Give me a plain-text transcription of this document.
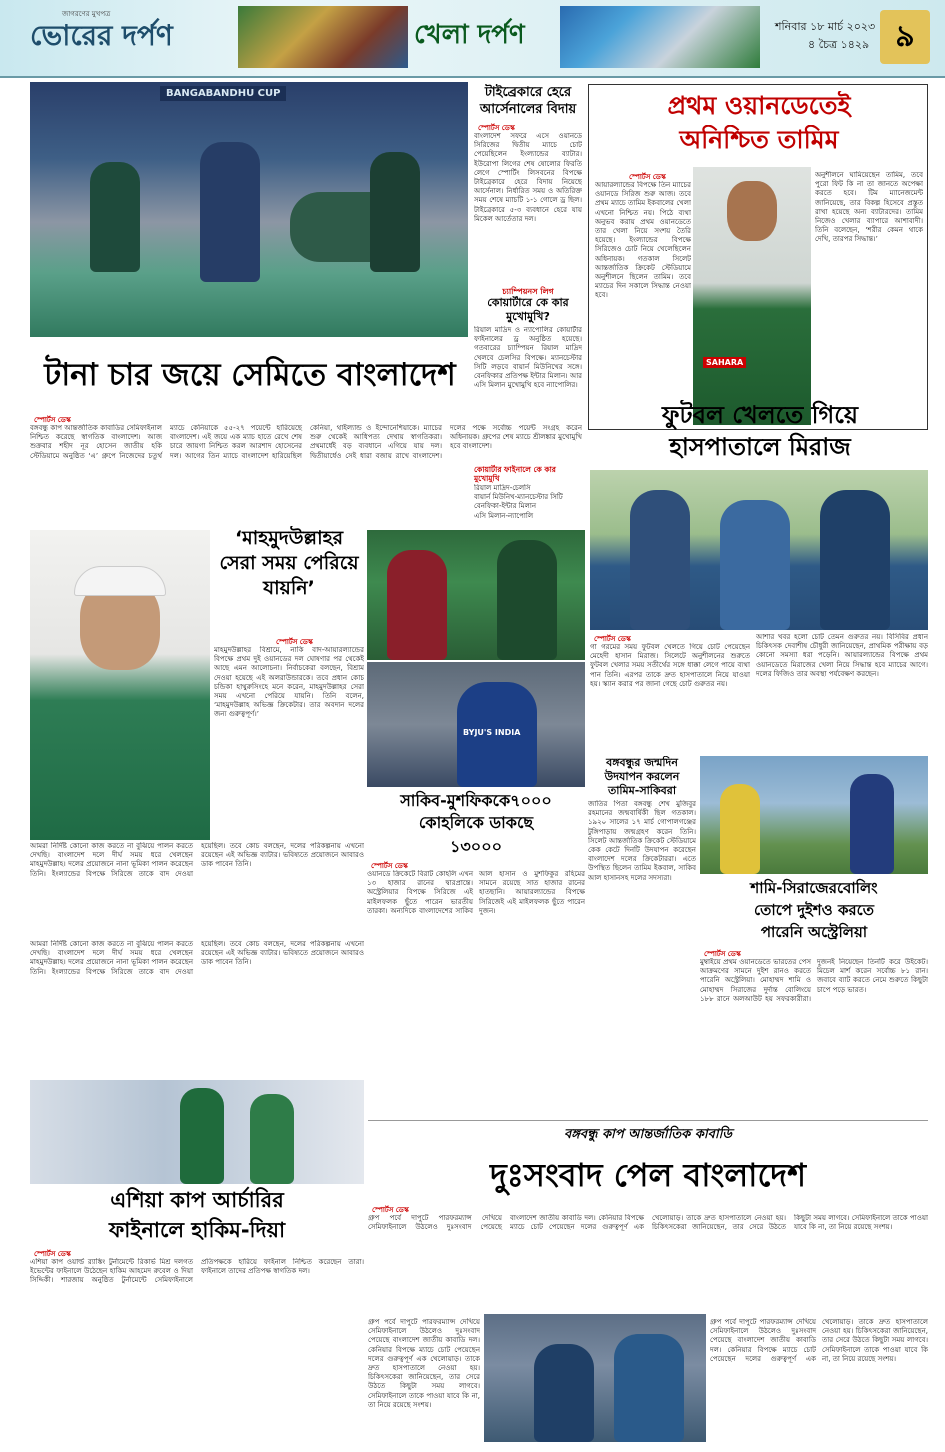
জাগরণের মুখপত্র
ভোরের দর্পণ	খেলা দর্পণ	শনিবার ১৮ মার্চ ২০২৩
৪ চৈত্র ১৪২৯ ৯
BANGABANDHU CUP	টাইব্রেকারে হেরে আর্সেনালের বিদায়
স্পোর্টস ডেস্ক
বাংলাদেশ সফরে এসে ওয়ানডে সিরিজের দ্বিতীয় ম্যাচে চোট পেয়েছিলেন ইংল্যান্ডের ব্যাটার। ইউরোপা লিগের শেষ ষোলোর ফিরতি লেগে স্পোর্টিং লিসবনের বিপক্ষে টাইব্রেকারে হেরে বিদায় নিয়েছে আর্সেনাল। নির্ধারিত সময় ও অতিরিক্ত সময় শেষে ম্যাচটি ১-১ গোলে ড্র ছিল। টাইব্রেকারে ৫-৩ ব্যবধানে হেরে যায় মিকেল আর্তেতার দল।
চ্যাম্পিয়নস লিগ
কোয়ার্টারে কে কার মুখোমুখি?
রিয়াল মাদ্রিদ ও ন্যাপোলির কোয়ার্টার ফাইনালের ড্র অনুষ্ঠিত হয়েছে। গতবারের চ্যাম্পিয়ন রিয়াল মাদ্রিদ খেলবে চেলসির বিপক্ষে। ম্যানচেস্টার সিটি লড়বে বায়ার্ন মিউনিখের সঙ্গে। বেনফিকার প্রতিপক্ষ ইন্টার মিলান। আর এসি মিলান মুখোমুখি হবে ন্যাপোলির।
কোয়ার্টার ফাইনালে কে কার মুখোমুখি
রিয়াল মাদ্রিদ-চেলসি
বায়ার্ন মিউনিখ-ম্যানচেস্টার সিটি
বেনফিকা-ইন্টার মিলান
এসি মিলান-ন্যাপোলি
প্রথম ওয়ানডেতেই
অনিশ্চিত তামিম
স্পোর্টস ডেস্ক
আয়ারল্যান্ডের বিপক্ষে তিন ম্যাচের ওয়ানডে সিরিজ শুরু আজ। তবে প্রথম ম্যাচে তামিম ইকবালের খেলা এখনো নিশ্চিত নয়। পিঠে ব্যথা অনুভব করায় প্রথম ওয়ানডেতে তার খেলা নিয়ে সংশয় তৈরি হয়েছে। ইংল্যান্ডের বিপক্ষে সিরিজেও চোট নিয়ে খেলেছিলেন অধিনায়ক। গতকাল সিলেট আন্তর্জাতিক ক্রিকেট স্টেডিয়ামে অনুশীলনে ছিলেন তামিম। তবে ম্যাচের দিন সকালে সিদ্ধান্ত নেওয়া হবে।
SAHARA
অনুশীলনে ঘামিয়েছেন তামিম, তবে পুরো ফিট কি না তা জানতে অপেক্ষা করতে হবে। টিম ম্যানেজমেন্ট জানিয়েছে, তার বিকল্প হিসেবে প্রস্তুত রাখা হয়েছে অন্য ব্যাটারদের। তামিম নিজেও খেলার ব্যাপারে আশাবাদী। তিনি বলেছেন, ‘শরীর কেমন থাকে দেখি, তারপর সিদ্ধান্ত।’
টানা চার জয়ে সেমিতে বাংলাদেশ
স্পোর্টস ডেস্ক
বঙ্গবন্ধু কাপ আন্তর্জাতিক কাবাডির সেমিফাইনাল নিশ্চিত করেছে স্বাগতিক বাংলাদেশ। আজ শুক্রবার শহীদ নূর হোসেন জাতীয় হকি স্টেডিয়ামে অনুষ্ঠিত ‘এ’ গ্রুপে নিজেদের চতুর্থ ম্যাচে কেনিয়াকে ৫৫-২৭ পয়েন্টে হারিয়েছে বাংলাদেশ। এই জয়ে এক ম্যাচ হাতে রেখে শেষ চারে জায়গা নিশ্চিত করল আরশাদ হোসেনের দল। আগের তিন ম্যাচে বাংলাদেশ হারিয়েছিল কেনিয়া, থাইল্যান্ড ও ইন্দোনেশিয়াকে। ম্যাচের শুরু থেকেই আধিপত্য দেখায় স্বাগতিকরা। প্রথমার্ধেই বড় ব্যবধানে এগিয়ে যায় দল। দ্বিতীয়ার্ধেও সেই ধারা বজায় রাখে বাংলাদেশ। দলের পক্ষে সর্বোচ্চ পয়েন্ট সংগ্রহ করেন অধিনায়ক। গ্রুপের শেষ ম্যাচে শ্রীলঙ্কার মুখোমুখি হবে বাংলাদেশ।
ফুটবল খেলতে গিয়ে
হাসপাতালে মিরাজ
স্পোর্টস ডেস্ক
গা গরমের সময় ফুটবল খেলতে গিয়ে চোট পেয়েছেন মেহেদী হাসান মিরাজ। সিলেটে অনুশীলনের শুরুতে ফুটবল খেলার সময় সতীর্থের সঙ্গে ধাক্কা লেগে পায়ে ব্যথা পান তিনি। এরপর তাকে দ্রুত হাসপাতালে নিয়ে যাওয়া হয়। স্ক্যান করার পর জানা গেছে চোট গুরুতর নয়।
আশার খবর হলো চোট তেমন গুরুতর নয়। বিসিবির প্রধান চিকিৎসক দেবাশীষ চৌধুরী জানিয়েছেন, প্রাথমিক পরীক্ষায় বড় কোনো সমস্যা ধরা পড়েনি। আয়ারল্যান্ডের বিপক্ষে প্রথম ওয়ানডেতে মিরাজের খেলা নিয়ে সিদ্ধান্ত হবে ম্যাচের আগে। দলের ফিজিও তার অবস্থা পর্যবেক্ষণ করছেন।
‘মাহমুদউল্লাহর সেরা সময় পেরিয়ে যায়নি’
স্পোর্টস ডেস্ক
মাহমুদউল্লাহর বিশ্রামে, নাকি বাদ-আয়ারল্যান্ডের বিপক্ষে প্রথম দুই ওয়ানডের দল ঘোষণার পর থেকেই আছে এমন আলোচনা। নির্বাচকেরা বলছেন, বিশ্রাম দেওয়া হয়েছে এই অলরাউন্ডারকে। তবে প্রধান কোচ চন্ডিকা হাথুরুসিংহে মনে করেন, মাহমুদউল্লাহর সেরা সময় এখনো পেরিয়ে যায়নি। তিনি বলেন, ‘মাহমুদউল্লাহ অভিজ্ঞ ক্রিকেটার। তার অবদান দলের জন্য গুরুত্বপূর্ণ।’
আমরা নির্দিষ্ট কোনো কাজ করতে না বুঝিয়ে পালন করতে দেখছি। বাংলাদেশ দলে দীর্ঘ সময় ধরে খেলছেন মাহমুদউল্লাহ। দলের প্রয়োজনে নানা ভূমিকা পালন করেছেন তিনি। ইংল্যান্ডের বিপক্ষে সিরিজে তাকে বাদ দেওয়া হয়েছিল। তবে কোচ বলছেন, দলের পরিকল্পনায় এখনো রয়েছেন এই অভিজ্ঞ ব্যাটার। ভবিষ্যতে প্রয়োজনে আবারও ডাক পাবেন তিনি।
BYJU'S INDIA
সাকিব-মুশফিককে৭০০০
কোহলিকে ডাকছে
১৩০০০
স্পোর্টস ডেস্ক
ওয়ানডে ক্রিকেটে বিরাট কোহলি এখন ১৩ হাজার রানের দ্বারপ্রান্তে। অস্ট্রেলিয়ার বিপক্ষে সিরিজে এই মাইলফলক ছুঁতে পারেন ভারতীয় তারকা। অন্যদিকে বাংলাদেশের সাকিব আল হাসান ও মুশফিকুর রহিমের সামনে রয়েছে সাত হাজার রানের হাতছানি। আয়ারল্যান্ডের বিপক্ষে সিরিজেই এই মাইলফলক ছুঁতে পারেন দুজন।
আমরা নির্দিষ্ট কোনো কাজ করতে না বুঝিয়ে পালন করতে দেখছি। বাংলাদেশ দলে দীর্ঘ সময় ধরে খেলছেন মাহমুদউল্লাহ। দলের প্রয়োজনে নানা ভূমিকা পালন করেছেন তিনি। ইংল্যান্ডের বিপক্ষে সিরিজে তাকে বাদ দেওয়া হয়েছিল। তবে কোচ বলছেন, দলের পরিকল্পনায় এখনো রয়েছেন এই অভিজ্ঞ ব্যাটার। ভবিষ্যতে প্রয়োজনে আবারও ডাক পাবেন তিনি।
বঙ্গবন্ধুর জন্মদিন উদযাপন করলেন তামিম-সাকিবরা
জাতির পিতা বঙ্গবন্ধু শেখ মুজিবুর রহমানের জন্মবার্ষিকী ছিল গতকাল। ১৯২০ সালের ১৭ মার্চ গোপালগঞ্জের টুঙ্গিপাড়ায় জন্মগ্রহণ করেন তিনি। সিলেট আন্তর্জাতিক ক্রিকেট স্টেডিয়ামে কেক কেটে দিনটি উদযাপন করেছেন বাংলাদেশ দলের ক্রিকেটাররা। এতে উপস্থিত ছিলেন তামিম ইকবাল, সাকিব আল হাসানসহ দলের সদস্যরা।
শামি-সিরাজেরবোলিং
তোপে দুইশও করতে
পারেনি অস্ট্রেলিয়া
স্পোর্টস ডেস্ক
মুম্বাইয়ে প্রথম ওয়ানডেতে ভারতের পেস আক্রমণের সামনে দুইশ রানও করতে পারেনি অস্ট্রেলিয়া। মোহাম্মদ শামি ও মোহাম্মদ সিরাজের দুর্দান্ত বোলিংয়ে ১৮৮ রানে অলআউট হয় সফরকারীরা। দুজনই নিয়েছেন তিনটি করে উইকেট। মিচেল মার্শ করেন সর্বোচ্চ ৮১ রান। জবাবে ব্যাট করতে নেমে শুরুতে কিছুটা চাপে পড়ে ভারত।
এশিয়া কাপ আর্চারির
ফাইনালে হাকিম-দিয়া
স্পোর্টস ডেস্ক
এশিয়া কাপ ওয়ার্ল্ড র‍্যাঙ্কিং টুর্নামেন্টে রিকার্ভ মিশ্র দলগত ইভেন্টের ফাইনালে উঠেছেন হাকিম আহমেদ রুবেল ও দিয়া সিদ্দিকী। শারজায় অনুষ্ঠিত টুর্নামেন্টে সেমিফাইনালে প্রতিপক্ষকে হারিয়ে ফাইনাল নিশ্চিত করেছেন তারা। ফাইনালে তাদের প্রতিপক্ষ স্বাগতিক দল।
বঙ্গবন্ধু কাপ আন্তর্জাতিক কাবাডি
দুঃসংবাদ পেল বাংলাদেশ
স্পোর্টস ডেস্ক
গ্রুপ পর্বে দাপুটে পারফরম্যান্স দেখিয়ে সেমিফাইনালে উঠলেও দুঃসংবাদ পেয়েছে বাংলাদেশ জাতীয় কাবাডি দল। কেনিয়ার বিপক্ষে ম্যাচে চোট পেয়েছেন দলের গুরুত্বপূর্ণ এক খেলোয়াড়। তাকে দ্রুত হাসপাতালে নেওয়া হয়। চিকিৎসকেরা জানিয়েছেন, তার সেরে উঠতে কিছুটা সময় লাগবে। সেমিফাইনালে তাকে পাওয়া যাবে কি না, তা নিয়ে রয়েছে সংশয়।
গ্রুপ পর্বে দাপুটে পারফরম্যান্স দেখিয়ে সেমিফাইনালে উঠলেও দুঃসংবাদ পেয়েছে বাংলাদেশ জাতীয় কাবাডি দল। কেনিয়ার বিপক্ষে ম্যাচে চোট পেয়েছেন দলের গুরুত্বপূর্ণ এক খেলোয়াড়। তাকে দ্রুত হাসপাতালে নেওয়া হয়। চিকিৎসকেরা জানিয়েছেন, তার সেরে উঠতে কিছুটা সময় লাগবে। সেমিফাইনালে তাকে পাওয়া যাবে কি না, তা নিয়ে রয়েছে সংশয়।
গ্রুপ পর্বে দাপুটে পারফরম্যান্স দেখিয়ে সেমিফাইনালে উঠলেও দুঃসংবাদ পেয়েছে বাংলাদেশ জাতীয় কাবাডি দল। কেনিয়ার বিপক্ষে ম্যাচে চোট পেয়েছেন দলের গুরুত্বপূর্ণ এক খেলোয়াড়। তাকে দ্রুত হাসপাতালে নেওয়া হয়। চিকিৎসকেরা জানিয়েছেন, তার সেরে উঠতে কিছুটা সময় লাগবে। সেমিফাইনালে তাকে পাওয়া যাবে কি না, তা নিয়ে রয়েছে সংশয়।
